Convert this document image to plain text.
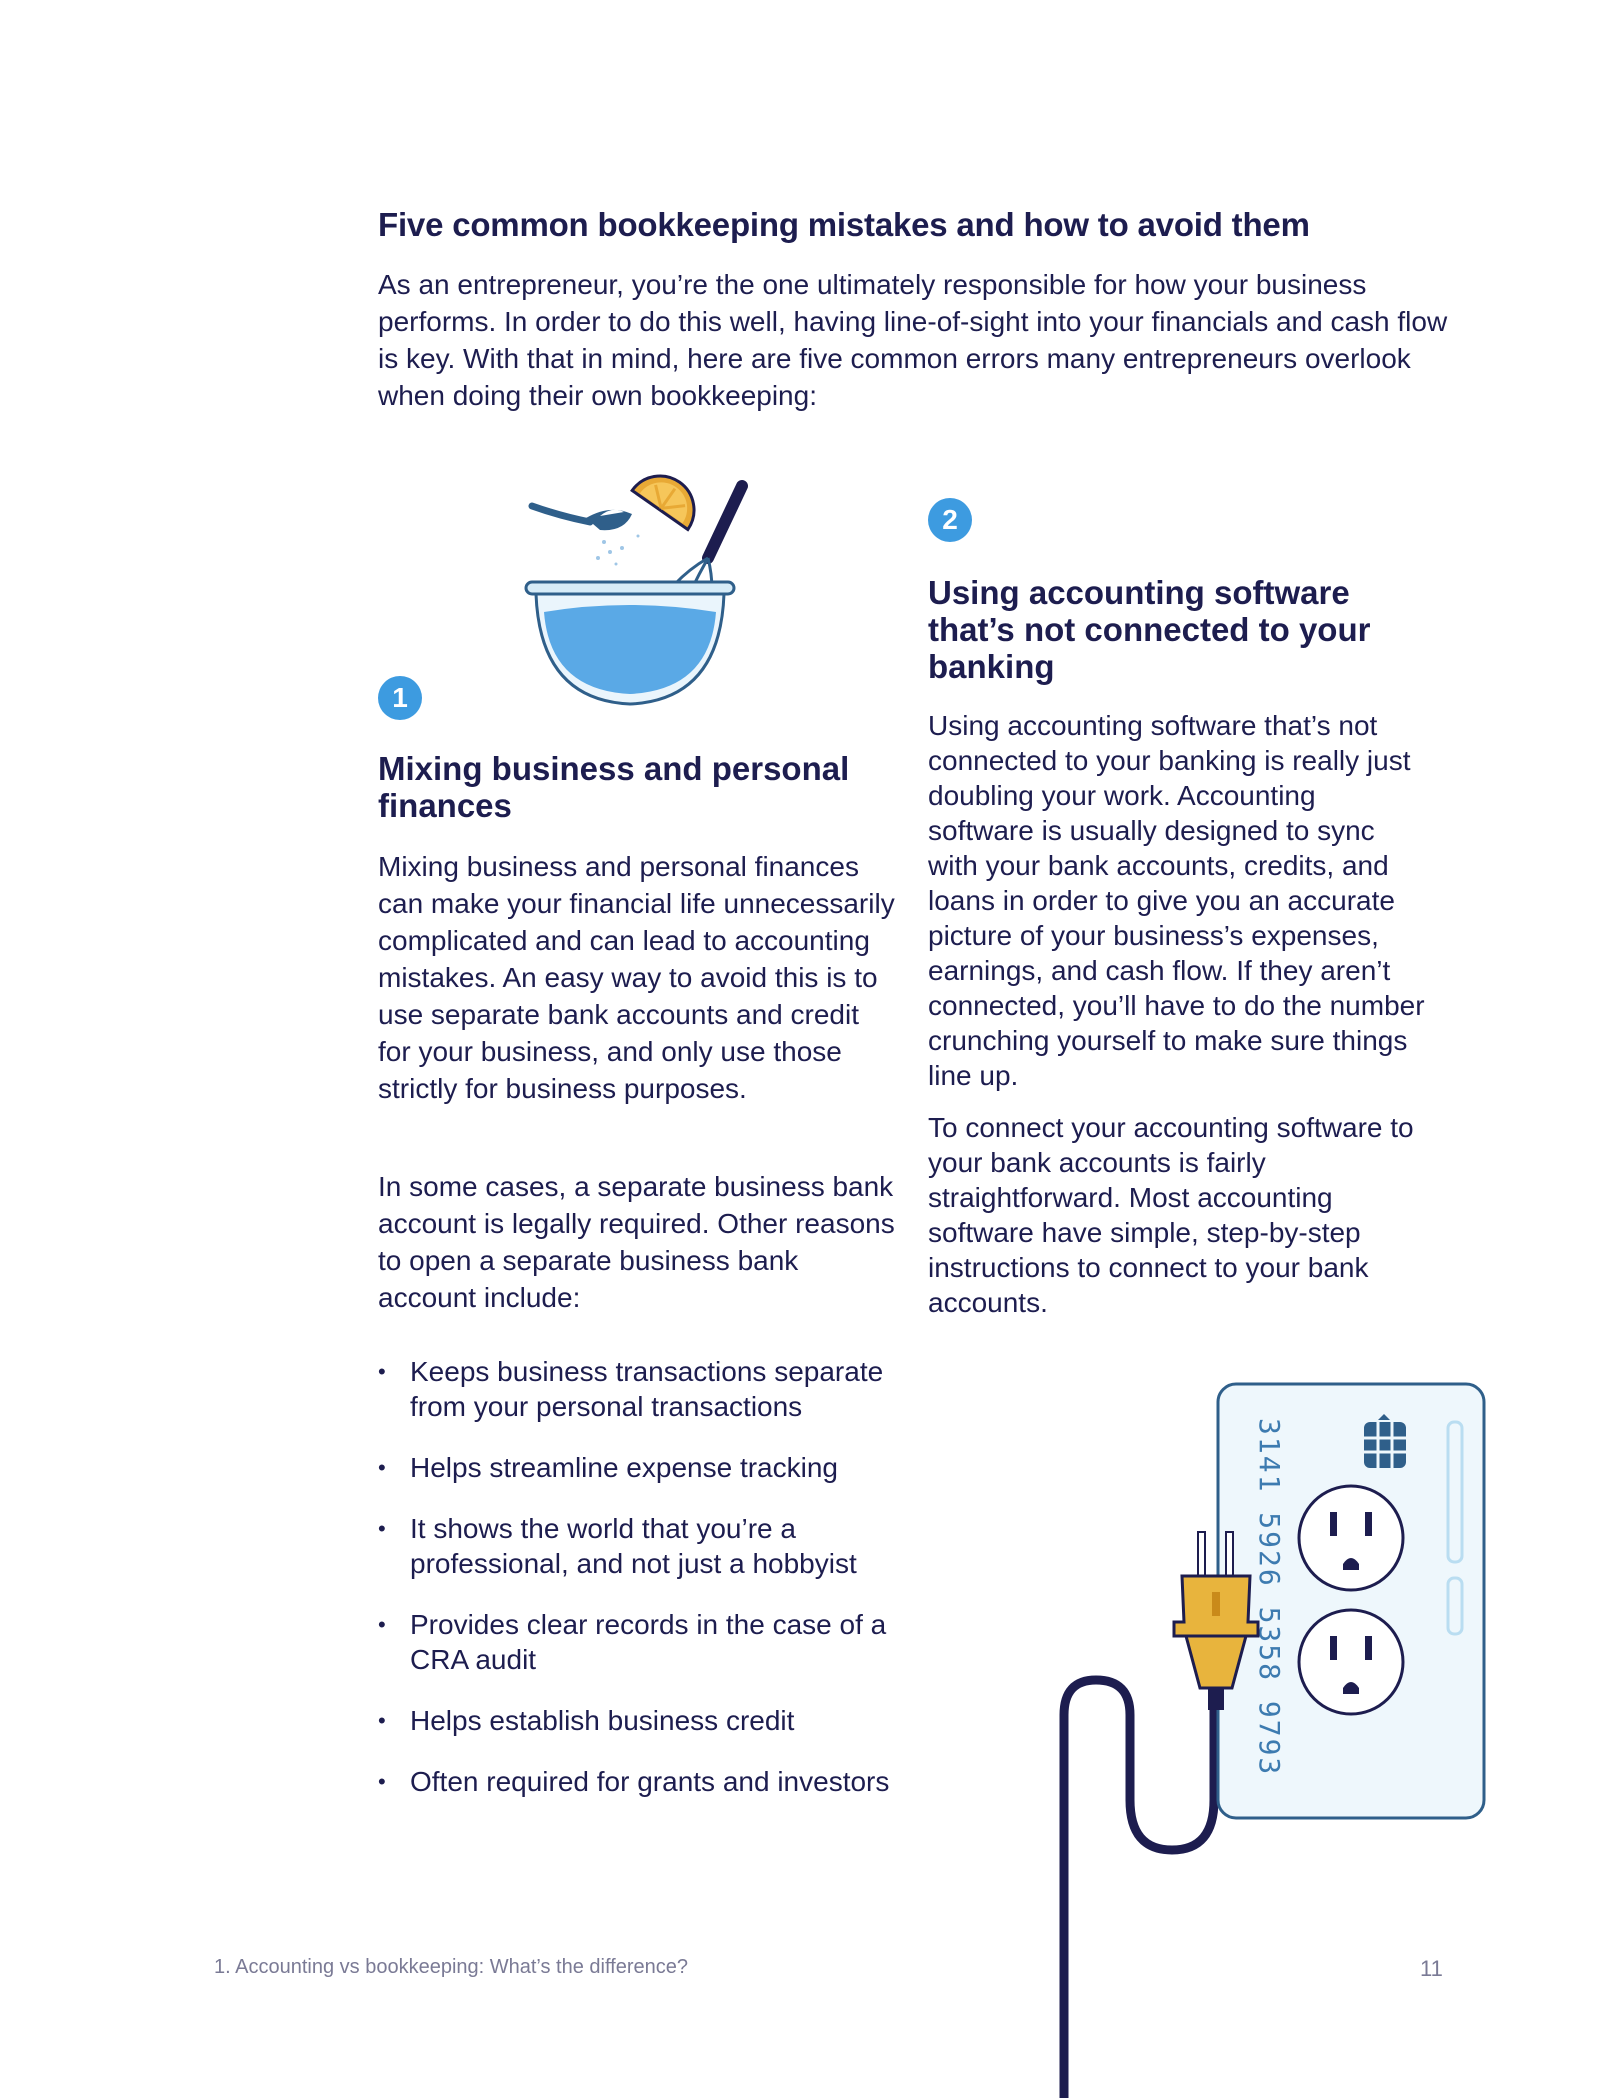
Five common bookkeeping mistakes and how to avoid them

As an entrepreneur, you’re the one ultimately responsible for how your business performs. In order to do this well, having line-of-sight into your financials and cash flow is key. With that in mind, here are five common errors many entrepreneurs overlook when doing their own bookkeeping:

1
Mixing business and personal finances

Mixing business and personal finances can make your financial life unnecessarily complicated and can lead to accounting mistakes. An easy way to avoid this is to use separate bank accounts and credit for your business, and only use those strictly for business purposes.

In some cases, a separate business bank account is legally required. Other reasons to open a separate business bank account include:

• Keeps business transactions separate from your personal transactions
• Helps streamline expense tracking
• It shows the world that you’re a professional, and not just a hobbyist
• Provides clear records in the case of a CRA audit
• Helps establish business credit
• Often required for grants and investors
2
Using accounting software that’s not connected to your banking

Using accounting software that’s not connected to your banking is really just doubling your work. Accounting software is usually designed to sync with your bank accounts, credits, and loans in order to give you an accurate picture of your business’s expenses, earnings, and cash flow. If they aren’t connected, you’ll have to do the number crunching yourself to make sure things line up.

To connect your accounting software to your bank accounts is fairly straightforward. Most accounting software have simple, step-by-step instructions to connect to your bank accounts.

3141 5926 5358 9793

1. Accounting vs bookkeeping: What’s the difference?	11
